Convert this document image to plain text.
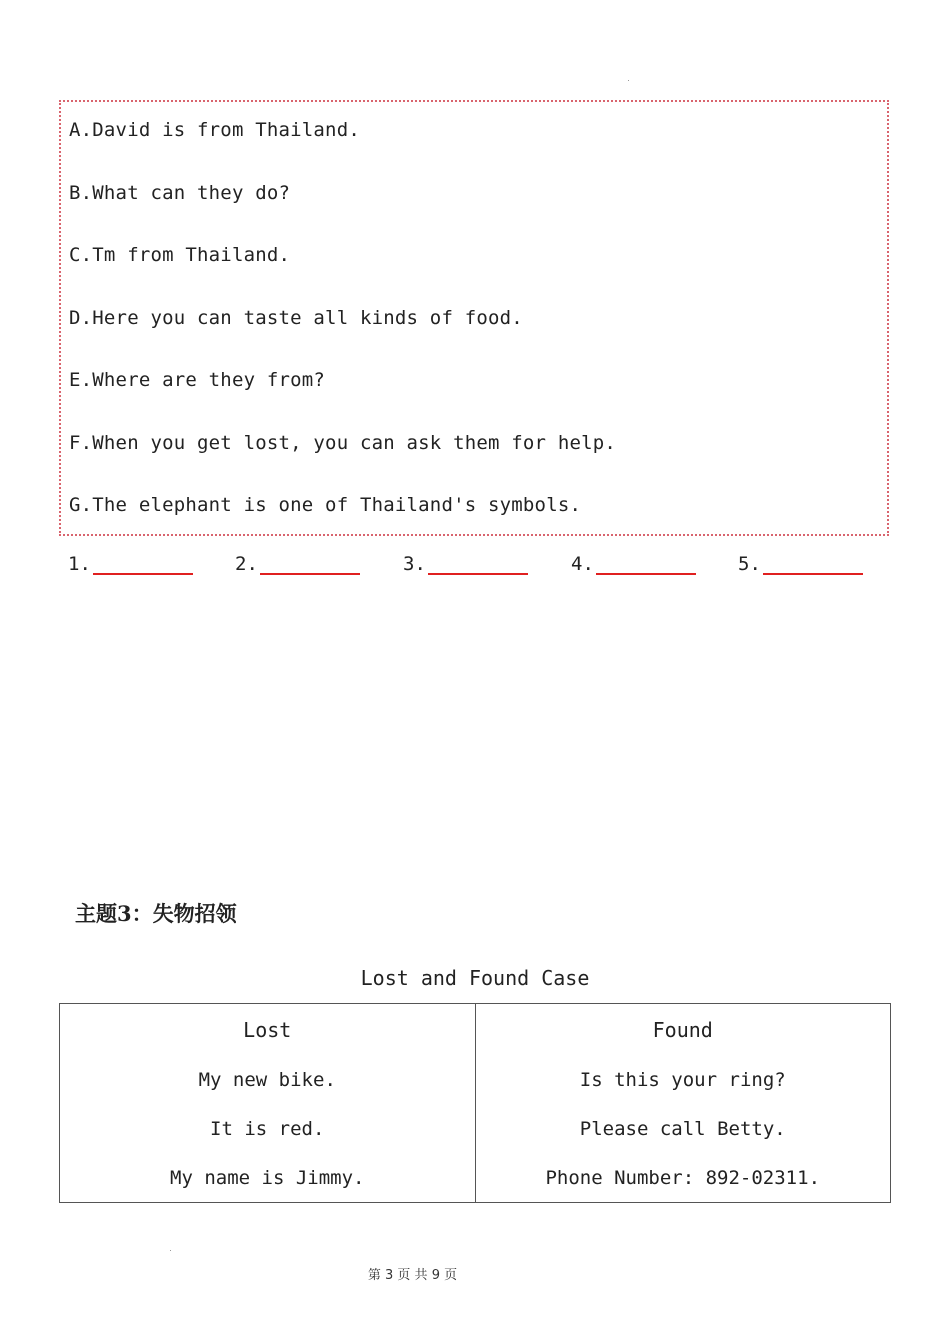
A.David is from Thailand.
B.What can they do?
C.Tm from Thailand.
D.Here you can taste all kinds of food.
E.Where are they from?
F.When you get lost, you can ask them for help.
G.The elephant is one of Thailand's symbols.
1.	2.	3.	4.	5.
主题3：失物招领
Lost and Found Case
Lost
My new bike.
It is red.
My name is Jimmy.

Found
Is this your ring?
Please call Betty.
Phone Number: 892-02311.
第 3 页 共 9 页
